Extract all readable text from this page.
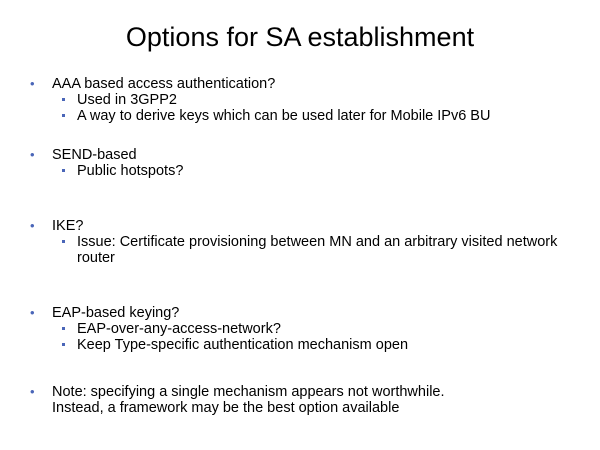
Options for SA establishment
• AAA based access authentication?
Used in 3GPP2
A way to derive keys which can be used later for Mobile IPv6 BU
• SEND-based
Public hotspots?
• IKE?
Issue: Certificate provisioning between MN and an arbitrary visited network router
• EAP-based keying?
EAP-over-any-access-network?
Keep Type-specific authentication mechanism open
• Note: specifying a single mechanism appears not worthwhile.
Instead, a framework may be the best option available
